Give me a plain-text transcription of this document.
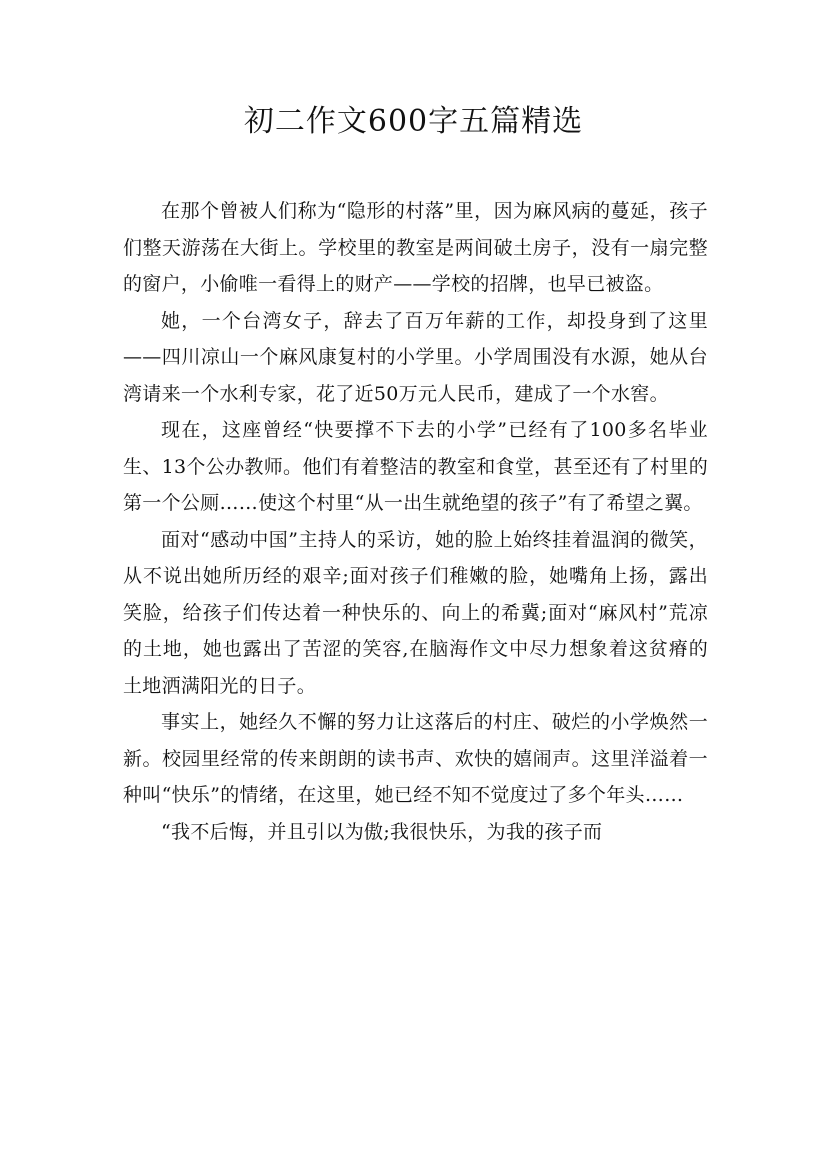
初二作文600字五篇精选

在那个曾被人们称为“隐形的村落”里，因为麻风病的蔓延，孩子们整天游荡在大街上。学校里的教室是两间破土房子，没有一扇完整的窗户，小偷唯一看得上的财产——学校的招牌，也早已被盗。

她，一个台湾女子，辞去了百万年薪的工作，却投身到了这里——四川凉山一个麻风康复村的小学里。小学周围没有水源，她从台湾请来一个水利专家，花了近50万元人民币，建成了一个水窖。

现在，这座曾经“快要撑不下去的小学”已经有了100多名毕业生、13个公办教师。他们有着整洁的教室和食堂，甚至还有了村里的第一个公厕……使这个村里“从一出生就绝望的孩子”有了希望之翼。

面对“感动中国”主持人的采访，她的脸上始终挂着温润的微笑，从不说出她所历经的艰辛;面对孩子们稚嫩的脸，她嘴角上扬，露出笑脸，给孩子们传达着一种快乐的、向上的希冀;面对“麻风村”荒凉的土地，她也露出了苦涩的笑容,在脑海作文中尽力想象着这贫瘠的土地洒满阳光的日子。

事实上，她经久不懈的努力让这落后的村庄、破烂的小学焕然一新。校园里经常的传来朗朗的读书声、欢快的嬉闹声。这里洋溢着一种叫“快乐”的情绪，在这里，她已经不知不觉度过了多个年头……

“我不后悔，并且引以为傲;我很快乐，为我的孩子而
